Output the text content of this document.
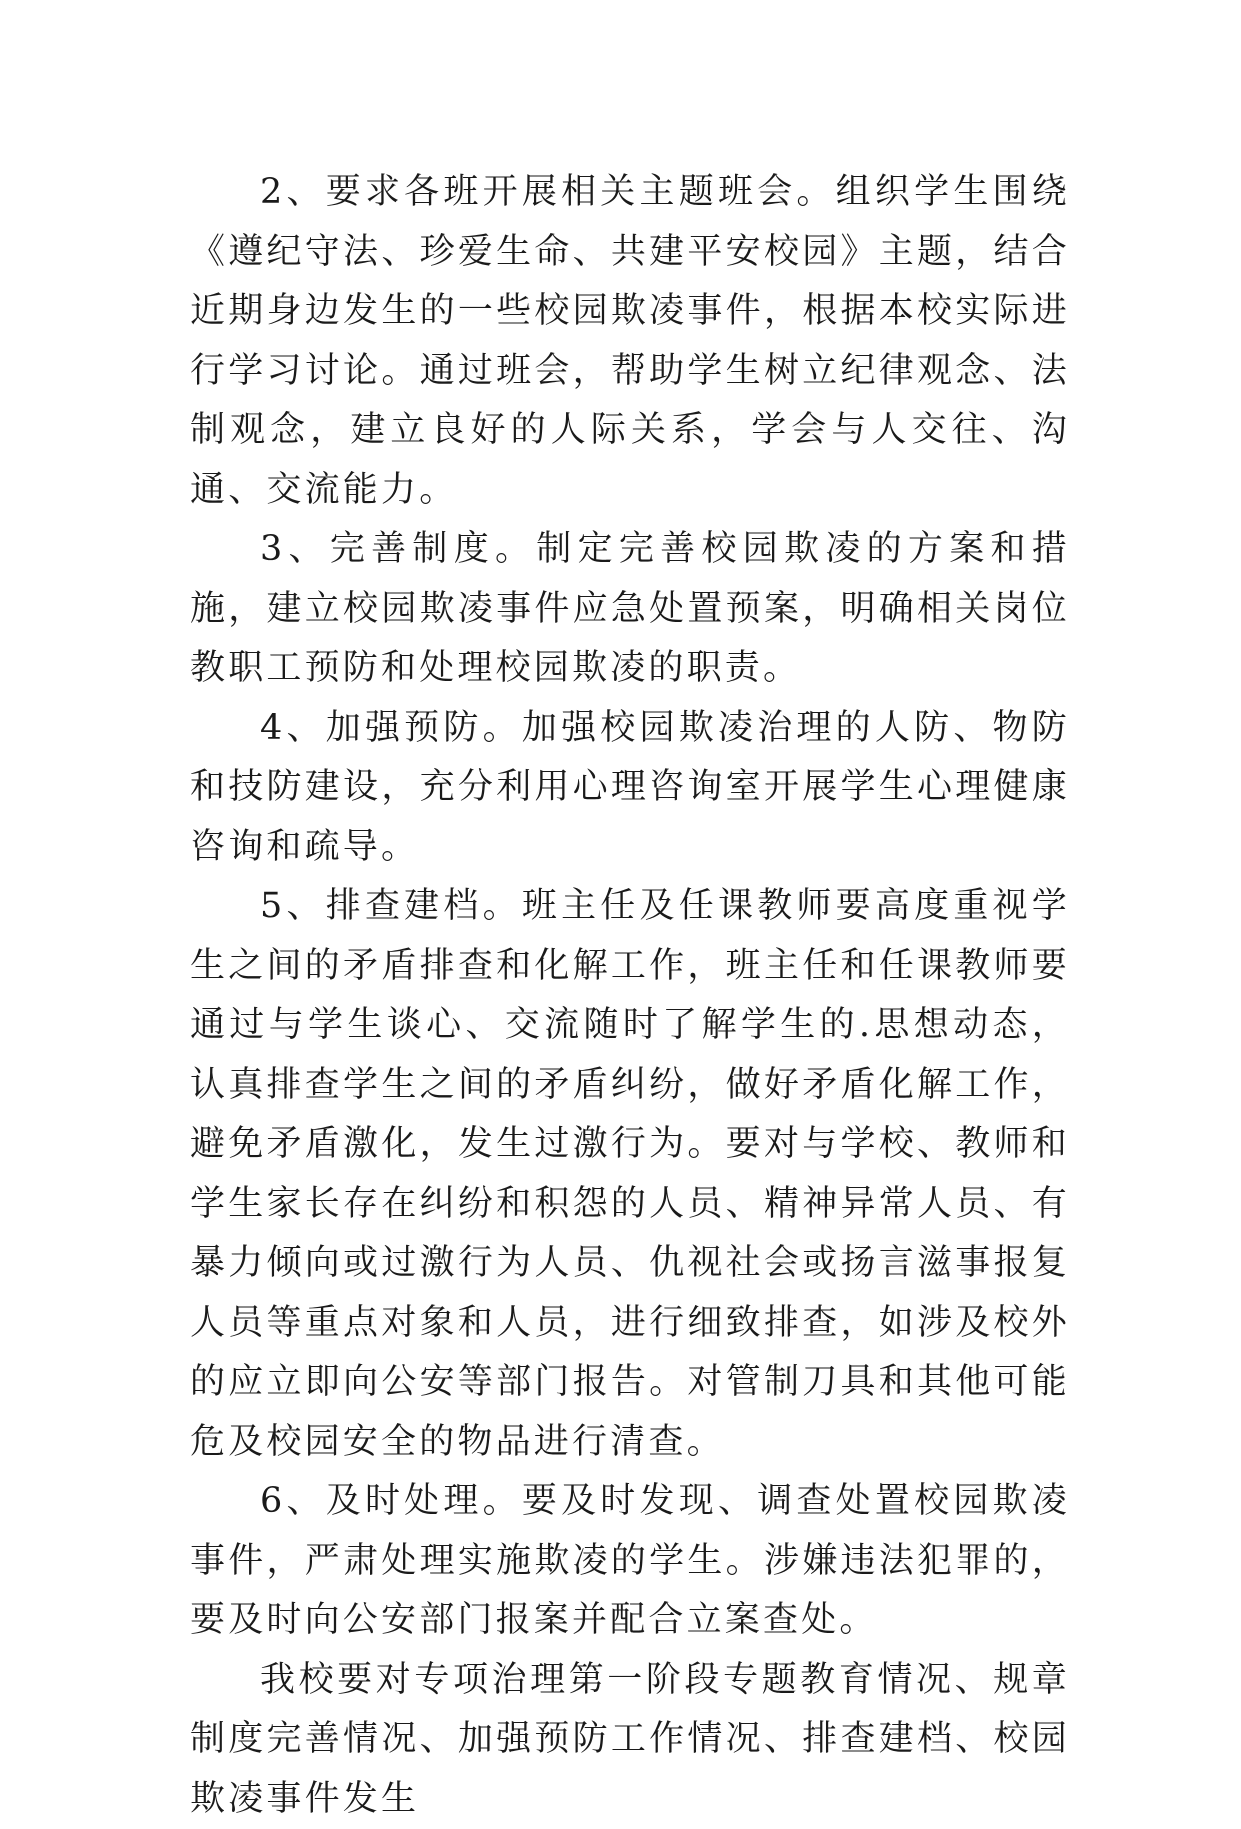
2、要求各班开展相关主题班会。组织学生围绕《遵纪守法、珍爱生命、共建平安校园》主题，结合近期身边发生的一些校园欺凌事件，根据本校实际进行学习讨论。通过班会，帮助学生树立纪律观念、法制观念，建立良好的人际关系，学会与人交往、沟通、交流能力。

3、完善制度。制定完善校园欺凌的方案和措施，建立校园欺凌事件应急处置预案，明确相关岗位教职工预防和处理校园欺凌的职责。

4、加强预防。加强校园欺凌治理的人防、物防和技防建设，充分利用心理咨询室开展学生心理健康咨询和疏导。

5、排查建档。班主任及任课教师要高度重视学生之间的矛盾排查和化解工作，班主任和任课教师要通过与学生谈心、交流随时了解学生的.思想动态，认真排查学生之间的矛盾纠纷，做好矛盾化解工作，避免矛盾激化，发生过激行为。要对与学校、教师和学生家长存在纠纷和积怨的人员、精神异常人员、有暴力倾向或过激行为人员、仇视社会或扬言滋事报复人员等重点对象和人员，进行细致排查，如涉及校外的应立即向公安等部门报告。对管制刀具和其他可能危及校园安全的物品进行清查。

6、及时处理。要及时发现、调查处置校园欺凌事件，严肃处理实施欺凌的学生。涉嫌违法犯罪的，要及时向公安部门报案并配合立案查处。

我校要对专项治理第一阶段专题教育情况、规章制度完善情况、加强预防工作情况、排查建档、校园欺凌事件发生
